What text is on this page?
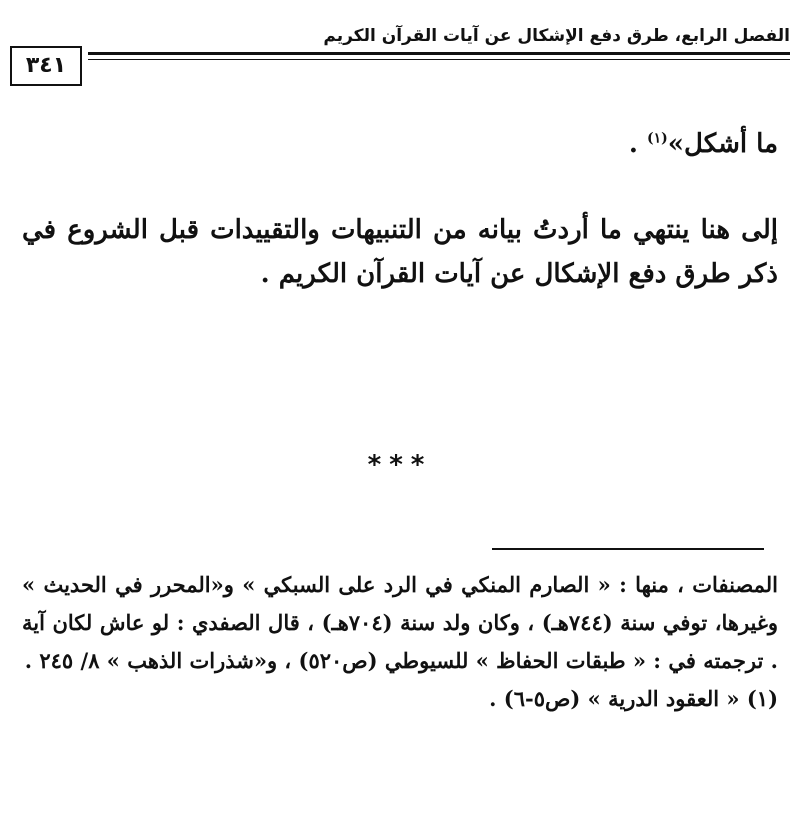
الفصل الرابع، طرق دفع الإشكال عن آيات القرآن الكريم
٣٤١
ما أشكل»$^{(١)}$ .
إلى هنا ينتهي ما أردتُ بيانه من التنبيهات والتقييدات قبل الشروع في ذكر طرق دفع الإشكال عن آيات القرآن الكريم .
***
المصنفات ، منها : « الصارم المنكي في الرد على السبكي » و«المحرر في الحديث » وغيرها، توفي سنة (٧٤٤هـ) ، وكان ولد سنة (٧٠٤هـ) ، قال الصفدي : لو عاش لكان آية . ترجمته في : « طبقات الحفاظ » للسيوطي (ص٥٢٠) ، و«شذرات الذهب » ٨/ ٢٤٥ .
(١) « العقود الدرية » (ص٥-٦) .
